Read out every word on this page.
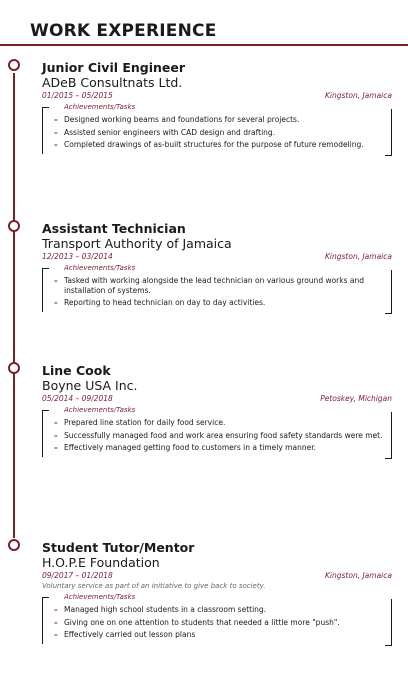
WORK EXPERIENCE
Junior Civil Engineer
ADeB Consultnats Ltd.
01/2015 – 05/2015	Kingston, Jamaica
Achievements/Tasks
– Designed working beams and foundations for several projects.
– Assisted senior engineers with CAD design and drafting.
– Completed drawings of as-built structures for the purpose of future remodeling.
Assistant Technician
Transport Authority of Jamaica
12/2013 – 03/2014	Kingston, Jamaica
Achievements/Tasks
– Tasked with working alongside the lead technician on various ground works and installation of systems.
– Reporting to head technician on day to day activities.
Line Cook
Boyne USA Inc.
05/2014 – 09/2018	Petoskey, Michigan
Achievements/Tasks
– Prepared line station for daily food service.
– Successfully managed food and work area ensuring food safety standards were met.
– Effectively managed getting food to customers in a timely manner.
Student Tutor/Mentor
H.O.P.E Foundation
09/2017 – 01/2018	Kingston, Jamaica
Voluntary service as part of an initiative to give back to society.
Achievements/Tasks
– Managed high school students in a classroom setting.
– Giving one on one attention to students that needed a little more "push".
– Effectively carried out lesson plans
